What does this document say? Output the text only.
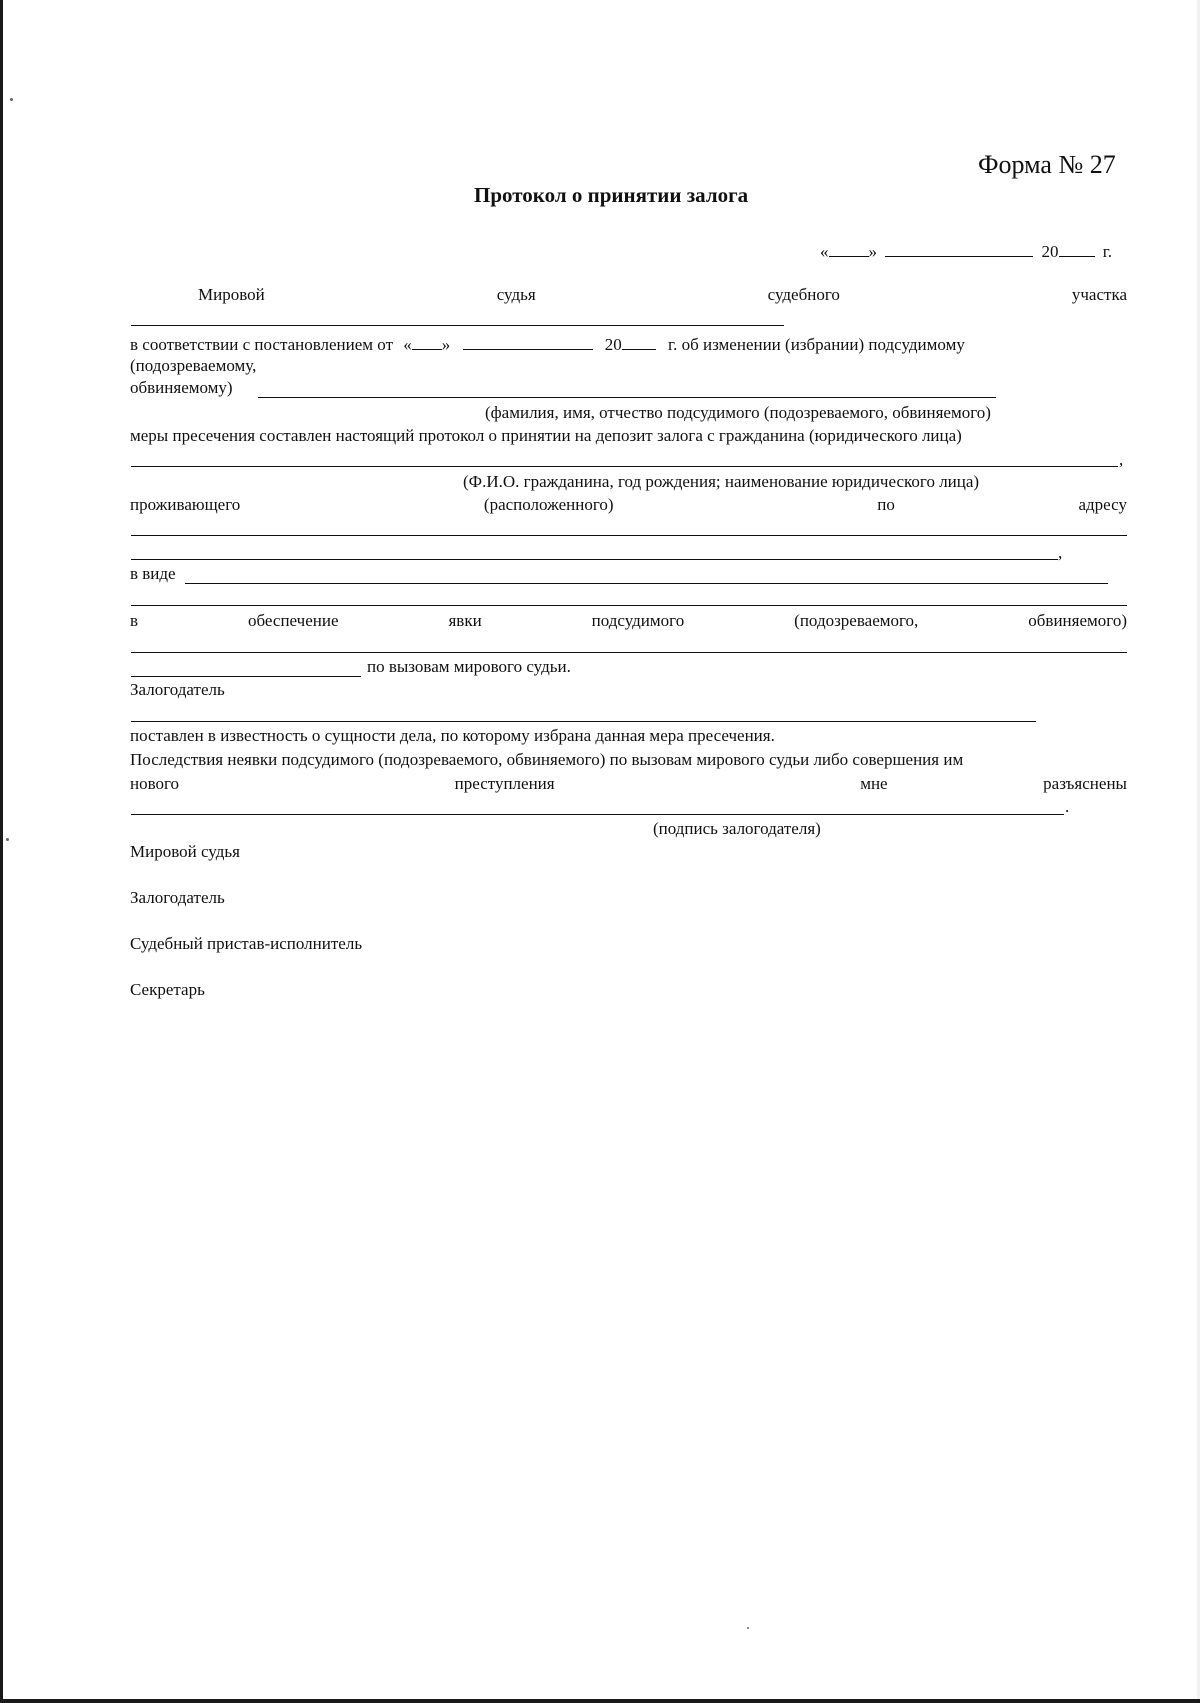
Форма № 27
Протокол о принятии залога
« »	20	г.
Мировой	судья	судебного	участка
в соответствии с постановлением от « »	20	г. об изменении (избрании) подсудимому
(подозреваемому,
обвиняемому)
(фамилия, имя, отчество подсудимого (подозреваемого, обвиняемого)
меры пресечения составлен настоящий протокол о принятии на депозит залога с гражданина (юридического лица)
,
(Ф.И.О. гражданина, год рождения; наименование юридического лица)
проживающего	(расположенного)	по	адресу
,
в виде
в	обеспечение	явки	подсудимого	(подозреваемого,	обвиняемого)
по вызовам мирового судьи.
Залогодатель
поставлен в известность о сущности дела, по которому избрана данная мера пресечения.
Последствия неявки подсудимого (подозреваемого, обвиняемого) по вызовам мирового судьи либо совершения им
нового	преступления	мне	разъяснены
.
(подпись залогодателя)
Мировой судья
Залогодатель
Судебный пристав-исполнитель
Секретарь
